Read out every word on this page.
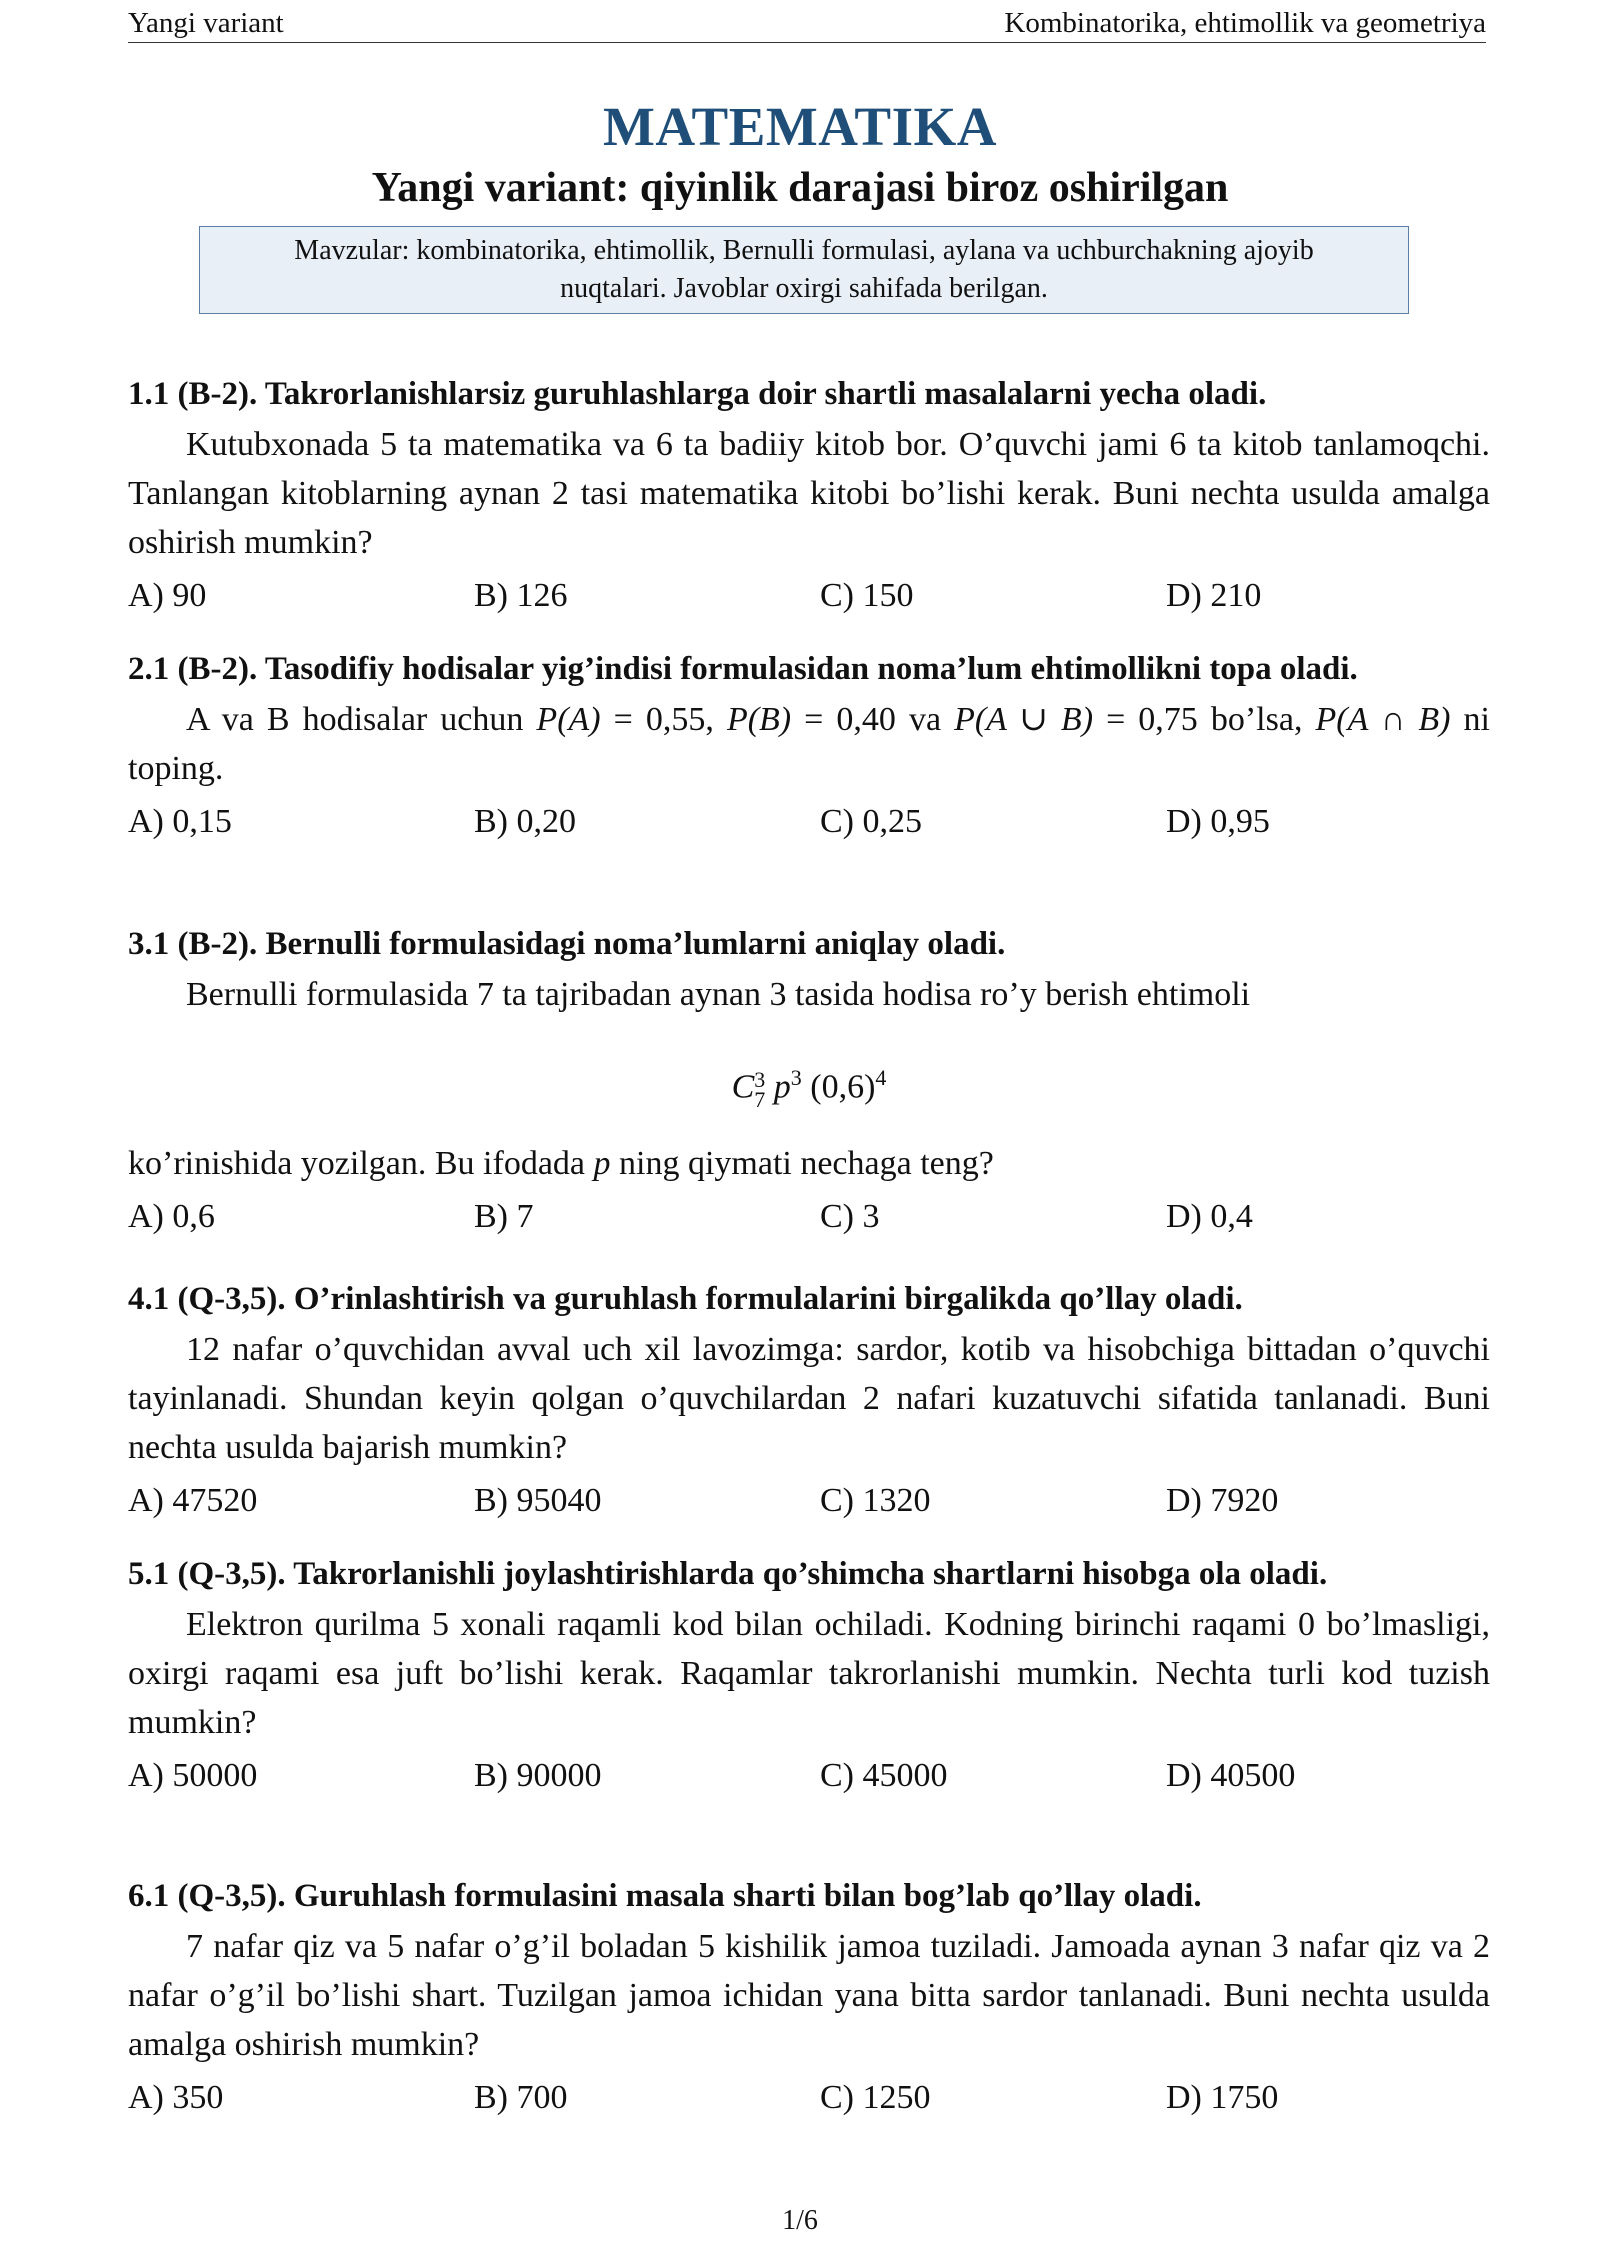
Yangi variant	Kombinatorika, ehtimollik va geometriya
MATEMATIKA
Yangi variant: qiyinlik darajasi biroz oshirilgan
Mavzular: kombinatorika, ehtimollik, Bernulli formulasi, aylana va uchburchakning ajoyib
nuqtalari. Javoblar oxirgi sahifada berilgan.
1.1 (B-2). Takrorlanishlarsiz guruhlashlarga doir shartli masalalarni yecha oladi.
Kutubxonada 5 ta matematika va 6 ta badiiy kitob bor. O’quvchi jami 6 ta kitob tanlamoqchi. Tanlangan kitoblarning aynan 2 tasi matematika kitobi bo’lishi kerak. Buni nechta usulda amalga oshirish mumkin?
A) 90	B) 126	C) 150	D) 210
2.1 (B-2). Tasodifiy hodisalar yig’indisi formulasidan noma’lum ehtimollikni topa oladi.
A va B hodisalar uchun P(A) = 0,55, P(B) = 0,40 va P(A ∪ B) = 0,75 bo’lsa, P(A ∩ B) ni toping.
A) 0,15	B) 0,20	C) 0,25	D) 0,95
3.1 (B-2). Bernulli formulasidagi noma’lumlarni aniqlay oladi.
Bernulli formulasida 7 ta tajribadan aynan 3 tasida hodisa ro’y berish ehtimoli
C 3
7 $p^3$ $(0,6)^4$
ko’rinishida yozilgan. Bu ifodada p ning qiymati nechaga teng?
A) 0,6	B) 7	C) 3	D) 0,4
4.1 (Q-3,5). O’rinlashtirish va guruhlash formulalarini birgalikda qo’llay oladi.
12 nafar o’quvchidan avval uch xil lavozimga: sardor, kotib va hisobchiga bittadan o’quvchi tayinlanadi. Shundan keyin qolgan o’quvchilardan 2 nafari kuzatuvchi sifatida tanlanadi. Buni nechta usulda bajarish mumkin?
A) 47520	B) 95040	C) 1320	D) 7920
5.1 (Q-3,5). Takrorlanishli joylashtirishlarda qo’shimcha shartlarni hisobga ola oladi.
Elektron qurilma 5 xonali raqamli kod bilan ochiladi. Kodning birinchi raqami 0 bo’lmasligi, oxirgi raqami esa juft bo’lishi kerak. Raqamlar takrorlanishi mumkin. Nechta turli kod tuzish mumkin?
A) 50000	B) 90000	C) 45000	D) 40500
6.1 (Q-3,5). Guruhlash formulasini masala sharti bilan bog’lab qo’llay oladi.
7 nafar qiz va 5 nafar o’g’il boladan 5 kishilik jamoa tuziladi. Jamoada aynan 3 nafar qiz va 2 nafar o’g’il bo’lishi shart. Tuzilgan jamoa ichidan yana bitta sardor tanlanadi. Buni nechta usulda amalga oshirish mumkin?
A) 350	B) 700	C) 1250	D) 1750
1/6
